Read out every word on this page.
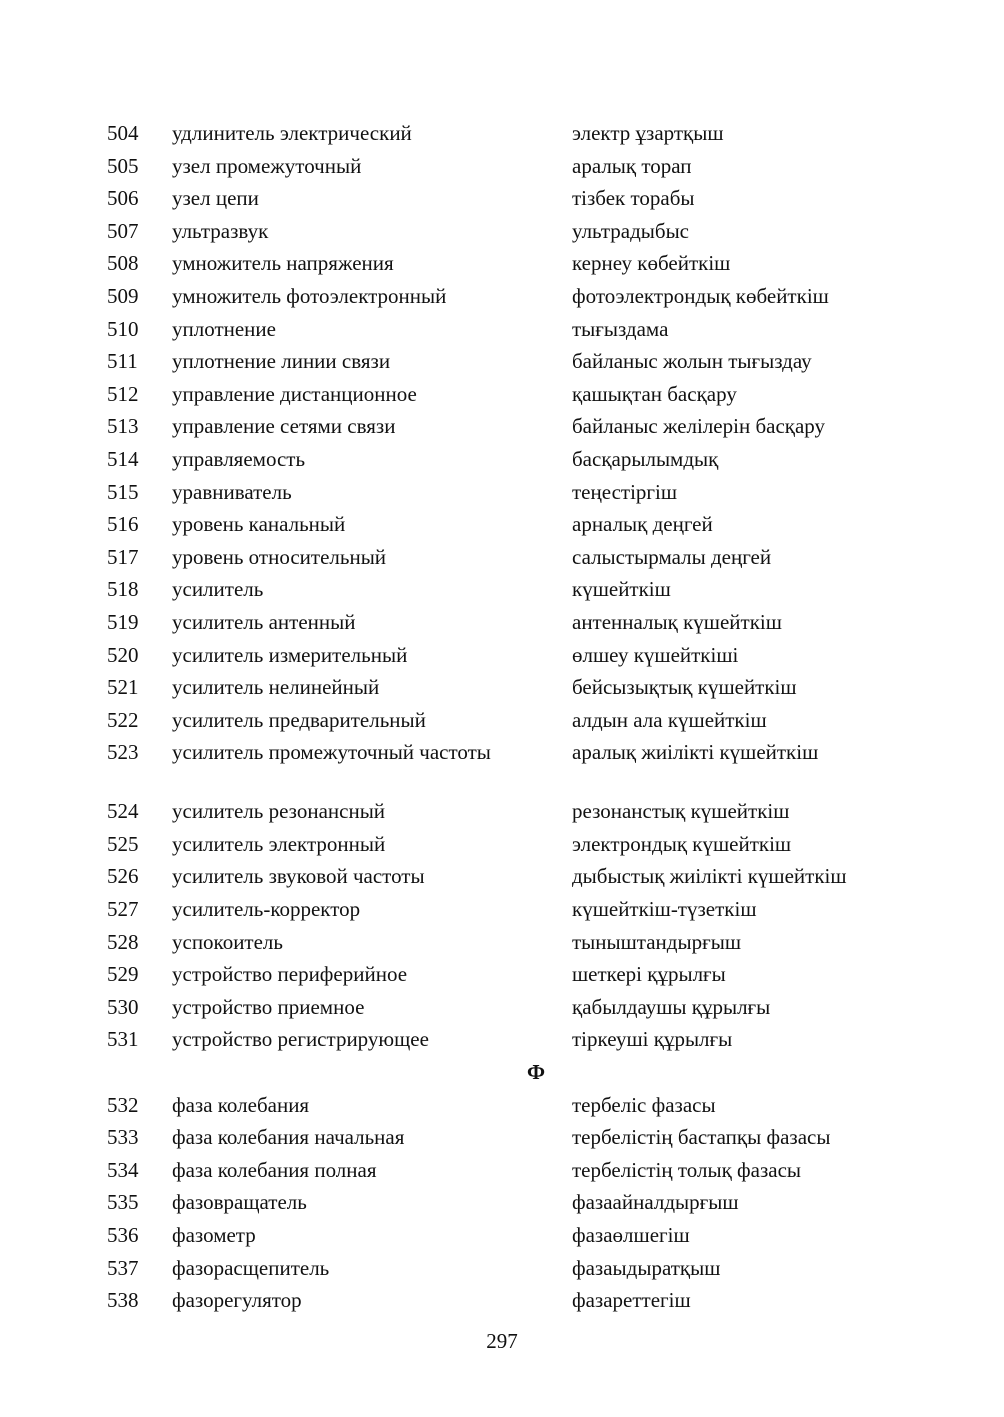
504 удлинитель электрический	электр ұзартқыш
505 узел промежуточный	аралық торап
506 узел цепи	тізбек торабы
507 ультразвук	ультрадыбыс
508 умножитель напряжения	кернеу көбейткіш
509 умножитель фотоэлектронный	фотоэлектрондық көбейткіш
510 уплотнение	тығыздама
511 уплотнение линии связи	байланыс жолын тығыздау
512 управление дистанционное	қашықтан басқару
513 управление сетями связи	байланыс желілерін басқару
514 управляемость	басқарылымдық
515 уравниватель	теңестіргіш
516 уровень канальный	арналық деңгей
517 уровень относительный	салыстырмалы деңгей
518 усилитель	күшейткіш
519 усилитель антенный	антенналық күшейткіш
520 усилитель измерительный	өлшеу күшейткіші
521 усилитель нелинейный	бейсызықтық күшейткіш
522 усилитель предварительный	алдын ала күшейткіш
523 усилитель промежуточный частоты	аралық жиілікті күшейткіш
524 усилитель резонансный	резонанстық күшейткіш
525 усилитель электронный	электрондық күшейткіш
526 усилитель звуковой частоты	дыбыстық жиілікті күшейткіш
527 усилитель-корректор	күшейткіш-түзеткіш
528 успокоитель	тыныштандырғыш
529 устройство периферийное	шеткері құрылғы
530 устройство приемное	қабылдаушы құрылғы
531 устройство регистрирующее	тіркеуші құрылғы
Ф
532 фаза колебания	тербеліс фазасы
533 фаза колебания начальная	тербелістің бастапқы фазасы
534 фаза колебания полная	тербелістің толық фазасы
535 фазовращатель	фазаайналдырғыш
536 фазометр	фазаөлшегіш
537 фазорасщепитель	фазаыдыратқыш
538 фазорегулятор	фазареттегіш
297
